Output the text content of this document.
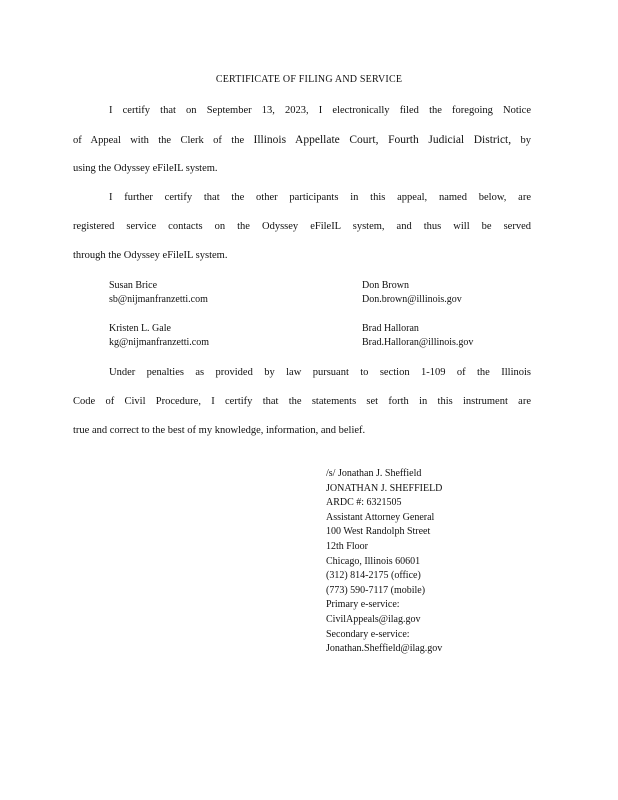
CERTIFICATE OF FILING AND SERVICE
I certify that on September 13, 2023, I electronically filed the foregoing Notice
of Appeal with the Clerk of the Illinois Appellate Court, Fourth Judicial District, by
using the Odyssey eFileIL system.
I further certify that the other participants in this appeal, named below, are
registered service contacts on the Odyssey eFileIL system, and thus will be served
through the Odyssey eFileIL system.
Susan Brice
sb@nijmanfranzetti.com
Don Brown
Don.brown@illinois.gov
Kristen L. Gale
kg@nijmanfranzetti.com
Brad Halloran
Brad.Halloran@illinois.gov
Under penalties as provided by law pursuant to section 1-109 of the Illinois
Code of Civil Procedure, I certify that the statements set forth in this instrument are
true and correct to the best of my knowledge, information, and belief.
/s/ Jonathan J. Sheffield
JONATHAN J. SHEFFIELD
ARDC #: 6321505
Assistant Attorney General
100 West Randolph Street
12th Floor
Chicago, Illinois 60601
(312) 814-2175 (office)
(773) 590-7117 (mobile)
Primary e-service:
CivilAppeals@ilag.gov
Secondary e-service:
Jonathan.Sheffield@ilag.gov
